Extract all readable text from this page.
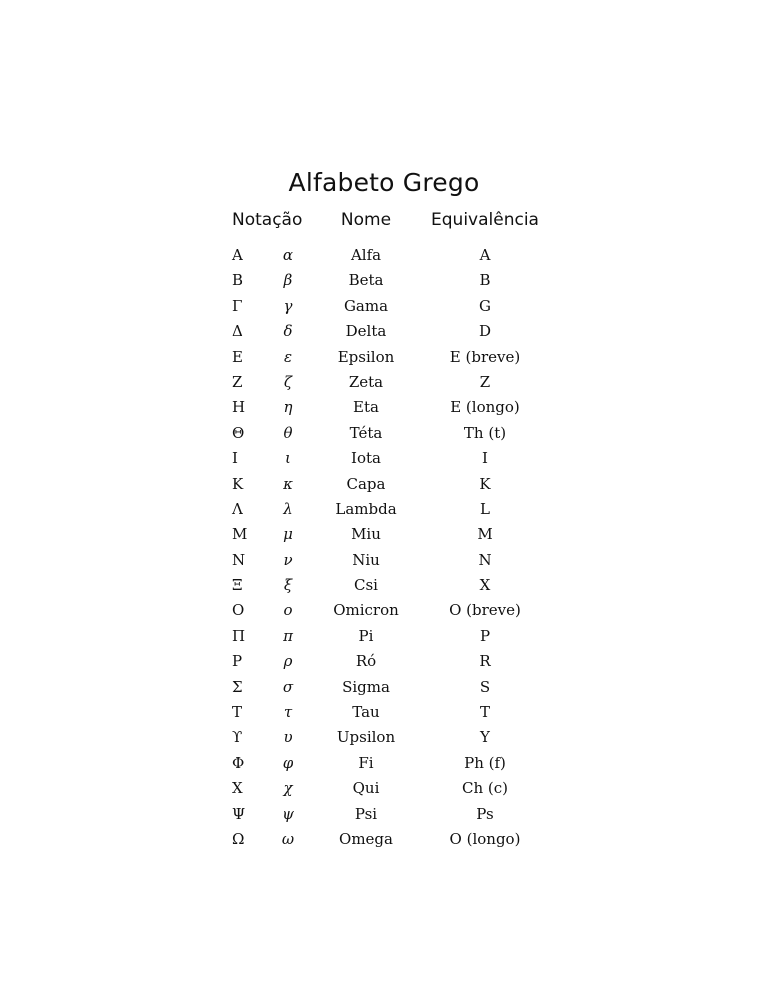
Alfabeto Grego
Notação	Nome	Equivalência
Α	α	Alfa	A
Β	β	Beta	B
Γ	γ	Gama	G
Δ	δ	Delta	D
Ε	ε	Epsilon	E (breve)
Ζ	ζ	Zeta	Z
Η	η	Eta	E (longo)
Θ	θ	Téta	Th (t)
Ι	ι	Iota	I
Κ	κ	Capa	K
Λ	λ	Lambda	L
Μ	μ	Miu	M
Ν	ν	Niu	N
Ξ	ξ	Csi	X
Ο	ο	Omicron	O (breve)
Π	π	Pi	P
Ρ	ρ	Ró	R
Σ	σ	Sigma	S
Τ	τ	Tau	T
ϒ	υ	Upsilon	Y
Φ	φ	Fi	Ph (f)
Χ	χ	Qui	Ch (c)
Ψ	ψ	Psi	Ps
Ω	ω	Omega	O (longo)
